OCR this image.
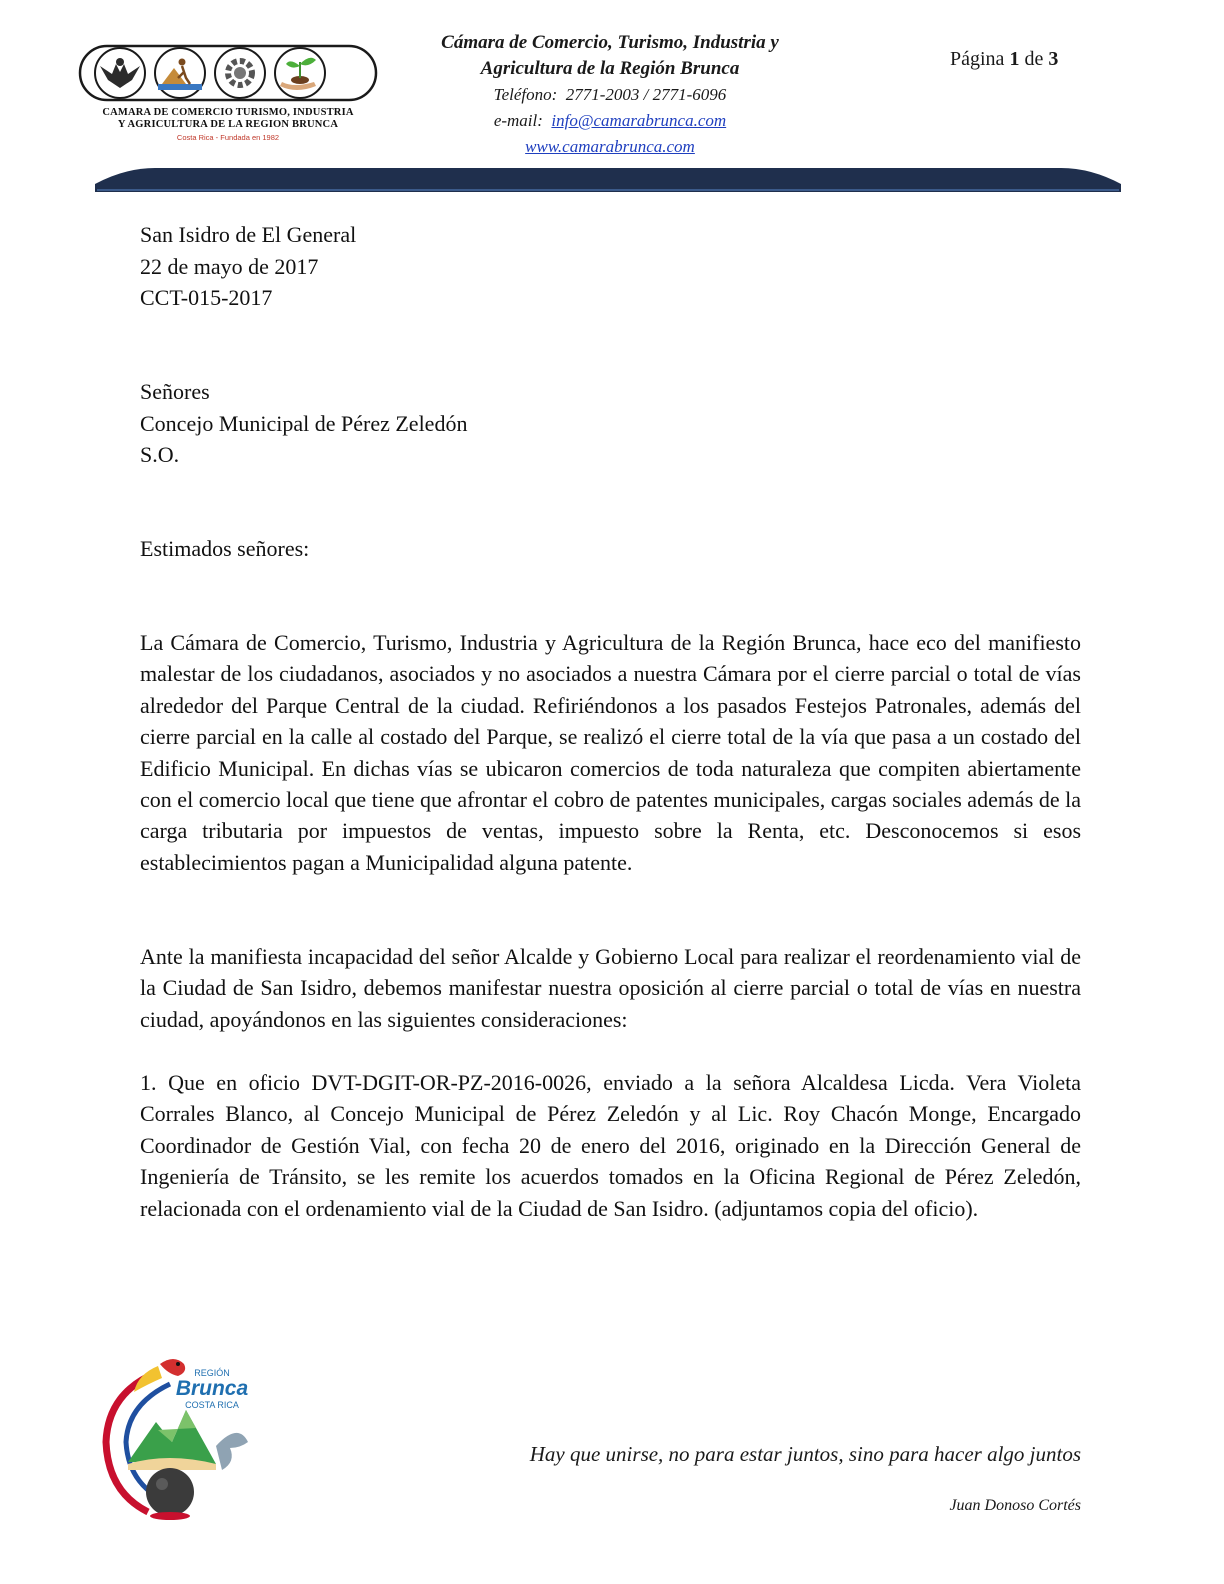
CAMARA DE COMERCIO TURISMO, INDUSTRIA
Y AGRICULTURA DE LA REGION BRUNCA
Costa Rica - Fundada en 1982
Cámara de Comercio, Turismo, Industria y
Agricultura de la Región Brunca
Teléfono: 2771-2003 / 2771-6096
e-mail: info@camarabrunca.com
www.camarabrunca.com
Página 1 de 3
San Isidro de El General
22 de mayo de 2017
CCT-015-2017
Señores
Concejo Municipal de Pérez Zeledón
S.O.
Estimados señores:

La Cámara de Comercio, Turismo, Industria y Agricultura de la Región Brunca, hace eco del manifiesto malestar de los ciudadanos, asociados y no asociados a nuestra Cámara por el cierre parcial o total de vías alrededor del Parque Central de la ciudad. Refiriéndonos a los pasados Festejos Patronales, además del cierre parcial en la calle al costado del Parque, se realizó el cierre total de la vía que pasa a un costado del Edificio Municipal. En dichas vías se ubicaron comercios de toda naturaleza que compiten abiertamente con el comercio local que tiene que afrontar el cobro de patentes municipales, cargas sociales además de la carga tributaria por impuestos de ventas, impuesto sobre la Renta, etc. Desconocemos si esos establecimientos pagan a Municipalidad alguna patente.

Ante la manifiesta incapacidad del señor Alcalde y Gobierno Local para realizar el reordenamiento vial de la Ciudad de San Isidro, debemos manifestar nuestra oposición al cierre parcial o total de vías en nuestra ciudad, apoyándonos en las siguientes consideraciones:

1. Que en oficio DVT-DGIT-OR-PZ-2016-0026, enviado a la señora Alcaldesa Licda. Vera Violeta Corrales Blanco, al Concejo Municipal de Pérez Zeledón y al Lic. Roy Chacón Monge, Encargado Coordinador de Gestión Vial, con fecha 20 de enero del 2016, originado en la Dirección General de Ingeniería de Tránsito, se les remite los acuerdos tomados en la Oficina Regional de Pérez Zeledón, relacionada con el ordenamiento vial de la Ciudad de San Isidro. (adjuntamos copia del oficio).

REGIÓN
Brunca
COSTA RICA
Hay que unirse, no para estar juntos, sino para hacer algo juntos
Juan Donoso Cortés
